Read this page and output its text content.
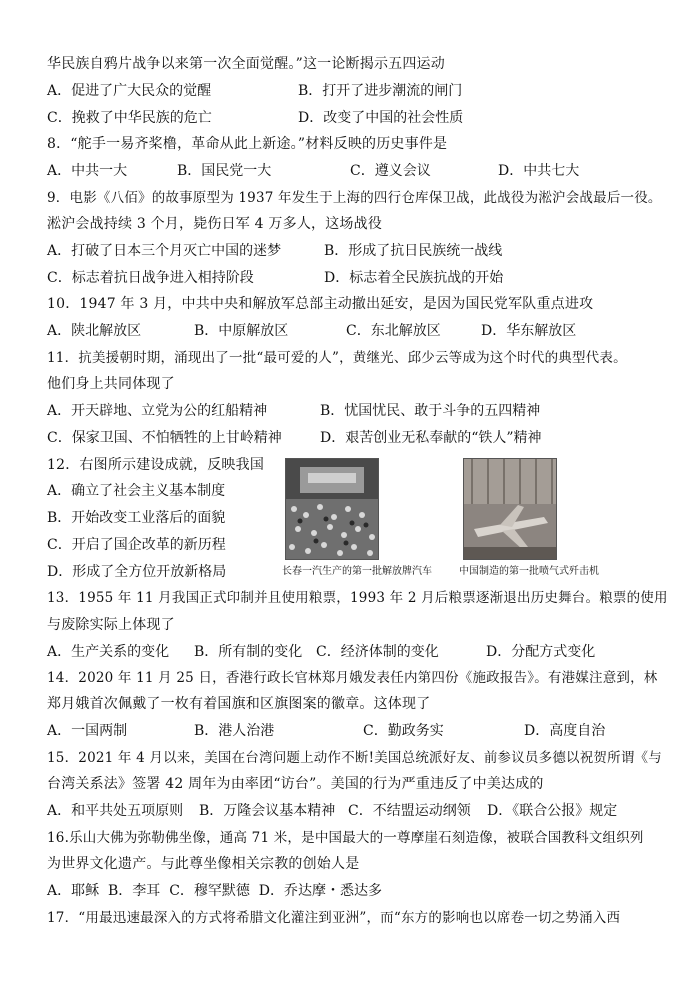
华民族自鸦片战争以来第一次全面觉醒。”这一论断揭示五四运动
A．促进了广大民众的觉醒	B．打开了进步潮流的闸门
C．挽救了中华民族的危亡	D．改变了中国的社会性质
8．“舵手一易齐桨橹，革命从此上新途。”材料反映的历史事件是
A．中共一大	B．国民党一大	C．遵义会议	D．中共七大
9．电影《八佰》的故事原型为 1937 年发生于上海的四行仓库保卫战，此战役为淞沪会战最后一役。
淞沪会战持续 3 个月，毙伤日军 4 万多人，这场战役
A．打破了日本三个月灭亡中国的迷梦	B．形成了抗日民族统一战线
C．标志着抗日战争进入相持阶段	D．标志着全民族抗战的开始
10．1947 年 3 月，中共中央和解放军总部主动撤出延安，是因为国民党军队重点进攻
A．陕北解放区	B．中原解放区	C．东北解放区	D．华东解放区
11．抗美援朝时期，涌现出了一批“最可爱的人”，黄继光、邱少云等成为这个时代的典型代表。
他们身上共同体现了
A．开天辟地、立党为公的红船精神	B．忧国忧民、敢于斗争的五四精神
C．保家卫国、不怕牺牲的上甘岭精神	D．艰苦创业无私奉献的“铁人”精神
12．右图所示建设成就，反映我国
A．确立了社会主义基本制度
B．开始改变工业落后的面貌
C．开启了国企改革的新历程
D．形成了全方位开放新格局	长春一汽生产的第一批解放牌汽车	中国制造的第一批喷气式歼击机
13．1955 年 11 月我国正式印制并且使用粮票，1993 年 2 月后粮票逐渐退出历史舞台。粮票的使用
与废除实际上体现了
A．生产关系的变化 B．所有制的变化 C．经济体制的变化	D．分配方式变化
14．2020 年 11 月 25 日，香港行政长官林郑月娥发表任内第四份《施政报告》。有港媒注意到，林
郑月娥首次佩戴了一枚有着国旗和区旗图案的徽章。这体现了
A．一国两制	B．港人治港	C．勤政务实	D．高度自治
15．2021 年 4 月以来，美国在台湾问题上动作不断!美国总统派好友、前参议员多德以祝贺所谓《与
台湾关系法》签署 42 周年为由率团“访台”。美国的行为严重违反了中美达成的
A．和平共处五项原则 B．万隆会议基本精神 C．不结盟运动纲领 D．《联合公报》规定
16.乐山大佛为弥勒佛坐像，通高 71 米，是中国最大的一尊摩崖石刻造像，被联合国教科文组织列
为世界文化遗产。与此尊坐像相关宗教的创始人是
A．耶稣  B．李耳  C．穆罕默德  D．乔达摩・悉达多
17．“用最迅速最深入的方式将希腊文化灌注到亚洲”，而“东方的影响也以席卷一切之势涌入西
